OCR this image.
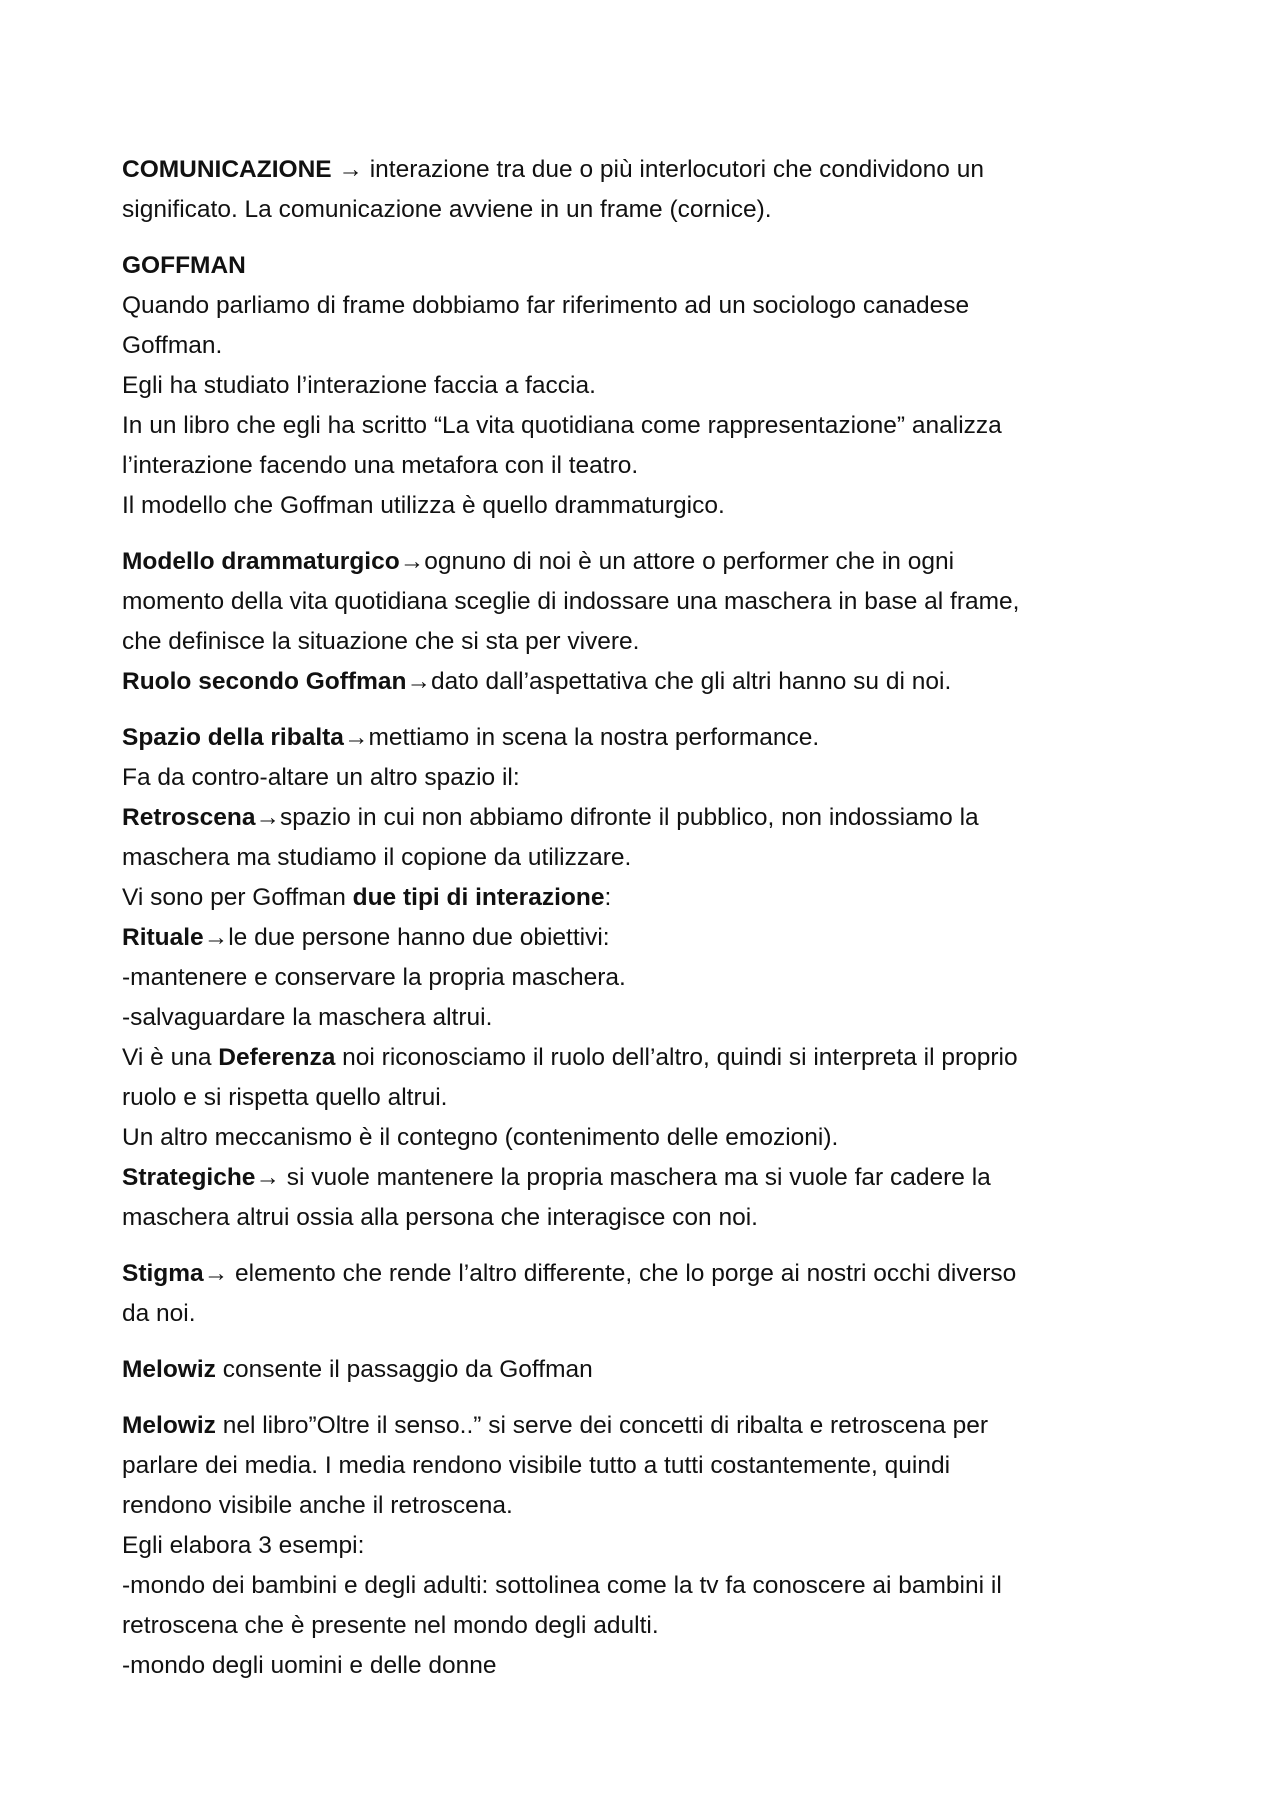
COMUNICAZIONE → interazione tra due o più interlocutori che condividono un
significato. La comunicazione avviene in un frame (cornice).
GOFFMAN
Quando parliamo di frame dobbiamo far riferimento ad un sociologo canadese
Goffman.
Egli ha studiato l’interazione faccia a faccia.
In un libro che egli ha scritto “La vita quotidiana come rappresentazione” analizza
l’interazione facendo una metafora con il teatro.
Il modello che Goffman utilizza è quello drammaturgico.
Modello drammaturgico→ognuno di noi è un attore o performer che in ogni
momento della vita quotidiana sceglie di indossare una maschera in base al frame,
che definisce la situazione che si sta per vivere.
Ruolo secondo Goffman→dato dall’aspettativa che gli altri hanno su di noi.
Spazio della ribalta→mettiamo in scena la nostra performance.
Fa da contro-altare un altro spazio il:
Retroscena→spazio in cui non abbiamo difronte il pubblico, non indossiamo la
maschera ma studiamo il copione da utilizzare.
Vi sono per Goffman due tipi di interazione:
Rituale→le due persone hanno due obiettivi:
-mantenere e conservare la propria maschera.
-salvaguardare la maschera altrui.
Vi è una Deferenza noi riconosciamo il ruolo dell’altro, quindi si interpreta il proprio
ruolo e si rispetta quello altrui.
Un altro meccanismo è il contegno (contenimento delle emozioni).
Strategiche→ si vuole mantenere la propria maschera ma si vuole far cadere la
maschera altrui ossia alla persona che interagisce con noi.
Stigma→ elemento che rende l’altro differente, che lo porge ai nostri occhi diverso
da noi.
Melowiz consente il passaggio da Goffman
Melowiz nel libro”Oltre il senso..” si serve dei concetti di ribalta e retroscena per
parlare dei media. I media rendono visibile tutto a tutti costantemente, quindi
rendono visibile anche il retroscena.
Egli elabora 3 esempi:
-mondo dei bambini e degli adulti: sottolinea come la tv fa conoscere ai bambini il
retroscena che è presente nel mondo degli adulti.
-mondo degli uomini e delle donne
